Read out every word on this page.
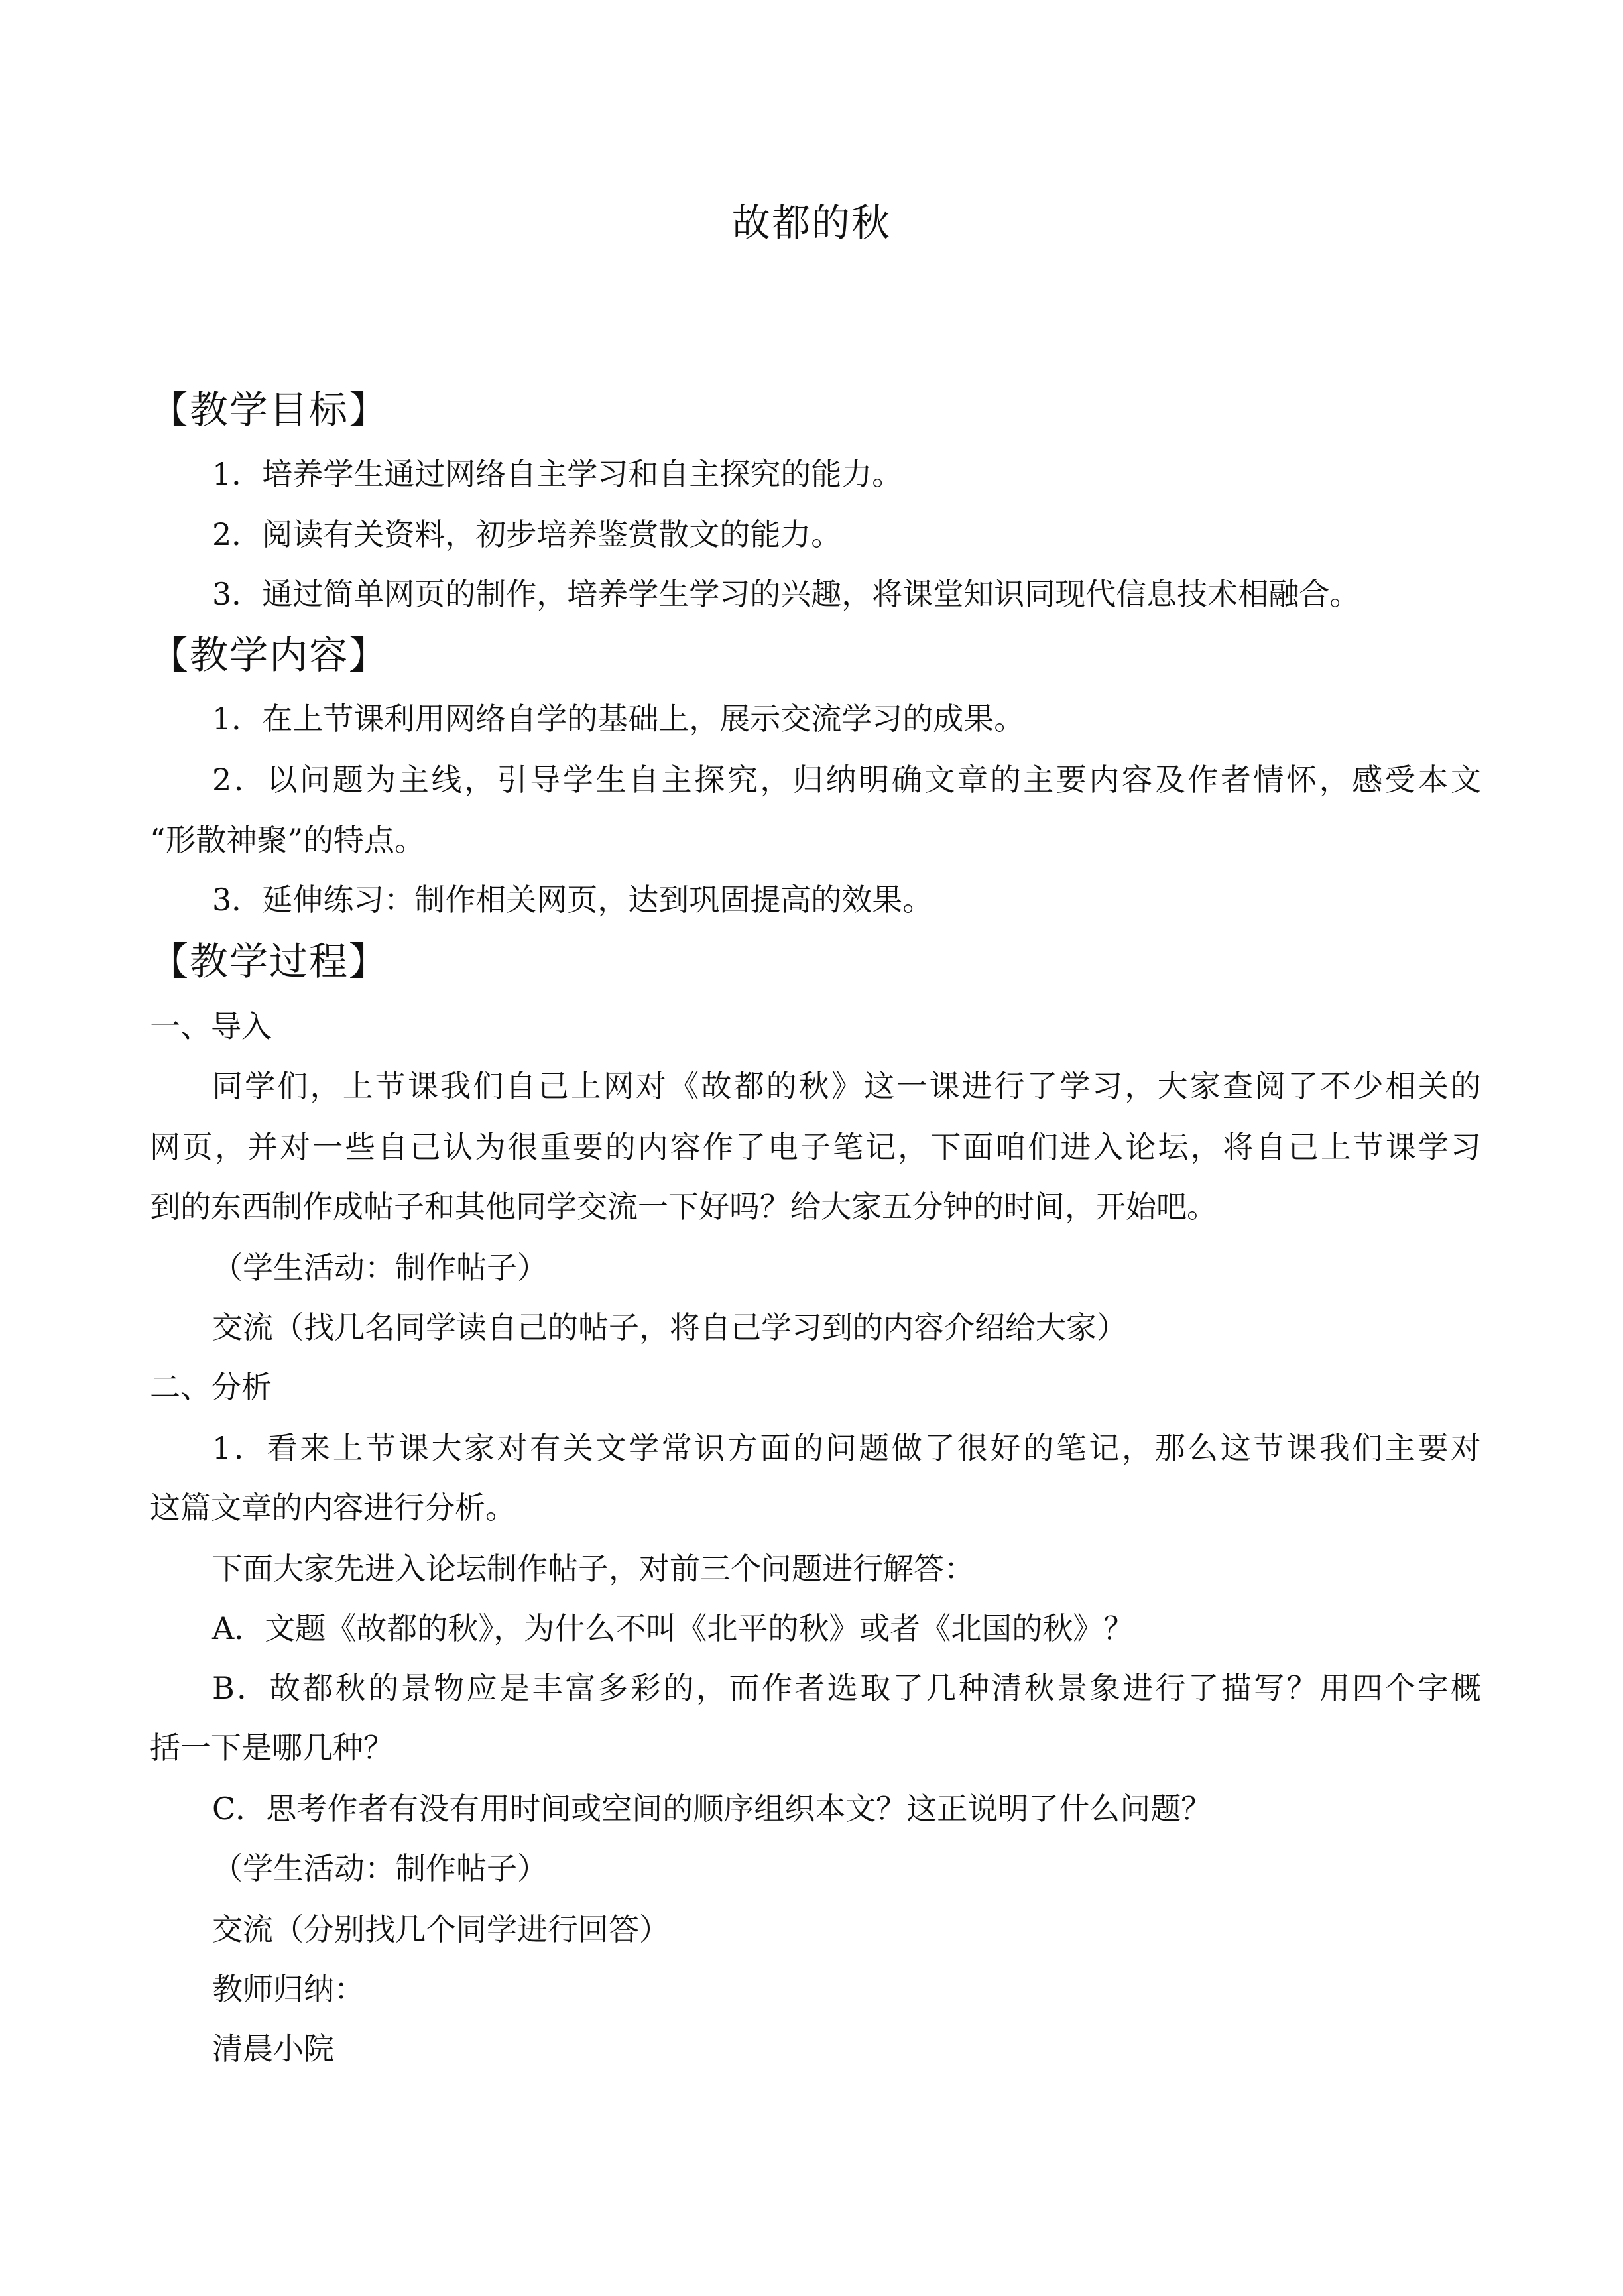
故都的秋
【教学目标】
1．培养学生通过网络自主学习和自主探究的能力。
2．阅读有关资料，初步培养鉴赏散文的能力。
3．通过简单网页的制作，培养学生学习的兴趣，将课堂知识同现代信息技术相融合。
【教学内容】
1．在上节课利用网络自学的基础上，展示交流学习的成果。
2．以问题为主线，引导学生自主探究，归纳明确文章的主要内容及作者情怀，感受本文
“形散神聚”的特点。
3．延伸练习：制作相关网页，达到巩固提高的效果。
【教学过程】
一、导入
同学们，上节课我们自己上网对《故都的秋》这一课进行了学习，大家查阅了不少相关的
网页，并对一些自己认为很重要的内容作了电子笔记，下面咱们进入论坛，将自己上节课学习
到的东西制作成帖子和其他同学交流一下好吗？给大家五分钟的时间，开始吧。
（学生活动：制作帖子）
交流（找几名同学读自己的帖子，将自己学习到的内容介绍给大家）
二、分析
1．看来上节课大家对有关文学常识方面的问题做了很好的笔记，那么这节课我们主要对
这篇文章的内容进行分析。
下面大家先进入论坛制作帖子，对前三个问题进行解答：
A．文题《故都的秋》，为什么不叫《北平的秋》或者《北国的秋》？
B．故都秋的景物应是丰富多彩的，而作者选取了几种清秋景象进行了描写？用四个字概
括一下是哪几种？
C．思考作者有没有用时间或空间的顺序组织本文？这正说明了什么问题？
（学生活动：制作帖子）
交流（分别找几个同学进行回答）
教师归纳：
清晨小院
